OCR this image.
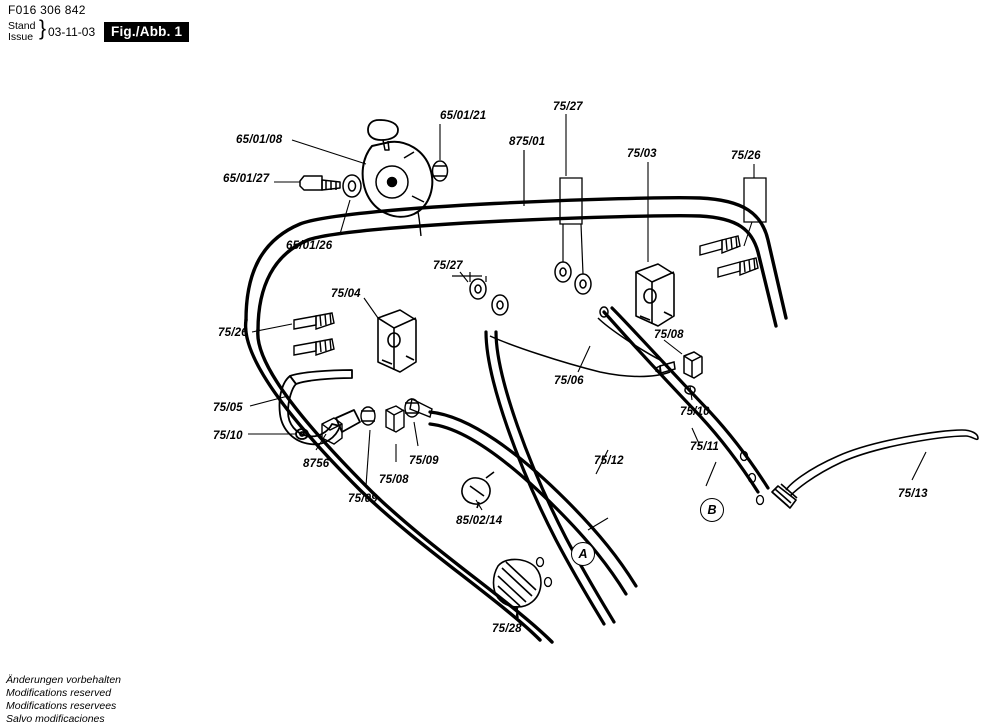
F016 306 842
Stand
Issue } 03-11-03	Fig./Abb. 1
65/01/08
65/01/21
65/01/27
65/01/26
875/01
75/27
75/03	75/26
75/27
75/04
75/26	75/08
75/06
75/10
75/05
75/10
8756
75/08
75/09
75/09
75/11
75/12
75/13
85/02/14
75/28
A
B
Änderungen vorbehalten
Modifications reserved
Modifications reservees
Salvo modificaciones
